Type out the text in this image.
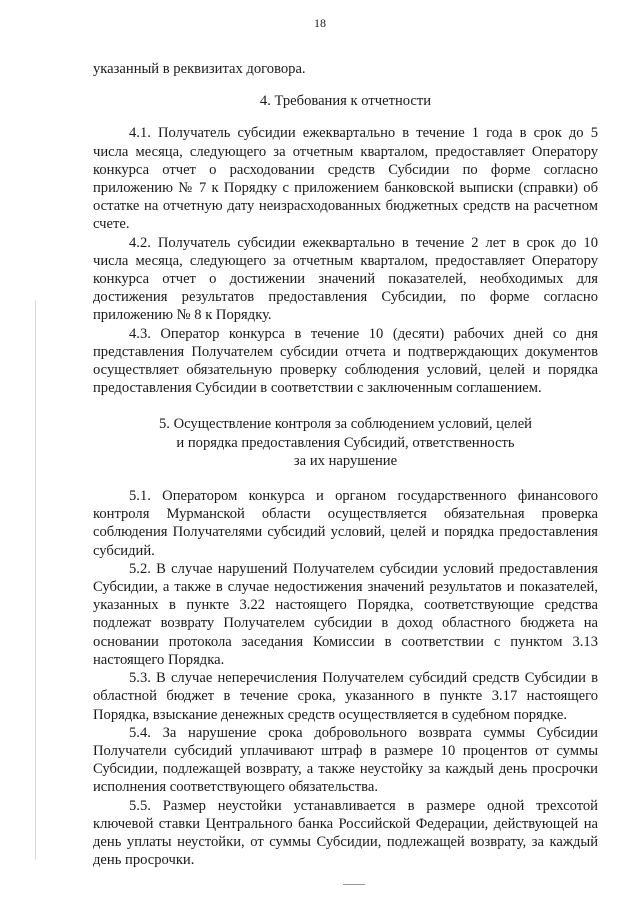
18

указанный в реквизитах договора.

4. Требования к отчетности

4.1. Получатель субсидии ежеквартально в течение 1 года в срок до 5 числа месяца, следующего за отчетным кварталом, предоставляет Оператору конкурса отчет о расходовании средств Субсидии по форме согласно приложению № 7 к Порядку с приложением банковской выписки (справки) об остатке на отчетную дату неизрасходованных бюджетных средств на расчетном счете.

4.2. Получатель субсидии ежеквартально в течение 2 лет в срок до 10 числа месяца, следующего за отчетным кварталом, предоставляет Оператору конкурса отчет о достижении значений показателей, необходимых для достижения результатов предоставления Субсидии, по форме согласно приложению № 8 к Порядку.

4.3. Оператор конкурса в течение 10 (десяти) рабочих дней со дня представления Получателем субсидии отчета и подтверждающих документов осуществляет обязательную проверку соблюдения условий, целей и порядка предоставления Субсидии в соответствии с заключенным соглашением.

5. Осуществление контроля за соблюдением условий, целей

и порядка предоставления Субсидий, ответственность

за их нарушение

5.1. Оператором конкурса и органом государственного финансового контроля Мурманской области осуществляется обязательная проверка соблюдения Получателями субсидий условий, целей и порядка предоставления субсидий.

5.2. В случае нарушений Получателем субсидии условий предоставления Субсидии, а также в случае недостижения значений результатов и показателей, указанных в пункте 3.22 настоящего Порядка, соответствующие средства подлежат возврату Получателем субсидии в доход областного бюджета на основании протокола заседания Комиссии в соответствии с пунктом 3.13 настоящего Порядка.

5.3. В случае неперечисления Получателем субсидий средств Субсидии в областной бюджет в течение срока, указанного в пункте 3.17 настоящего Порядка, взыскание денежных средств осуществляется в судебном порядке.

5.4. За нарушение срока добровольного возврата суммы Субсидии Получатели субсидий уплачивают штраф в размере 10 процентов от суммы Субсидии, подлежащей возврату, а также неустойку за каждый день просрочки исполнения соответствующего обязательства.

5.5. Размер неустойки устанавливается в размере одной трехсотой ключевой ставки Центрального банка Российской Федерации, действующей на день уплаты неустойки, от суммы Субсидии, подлежащей возврату, за каждый день просрочки.
